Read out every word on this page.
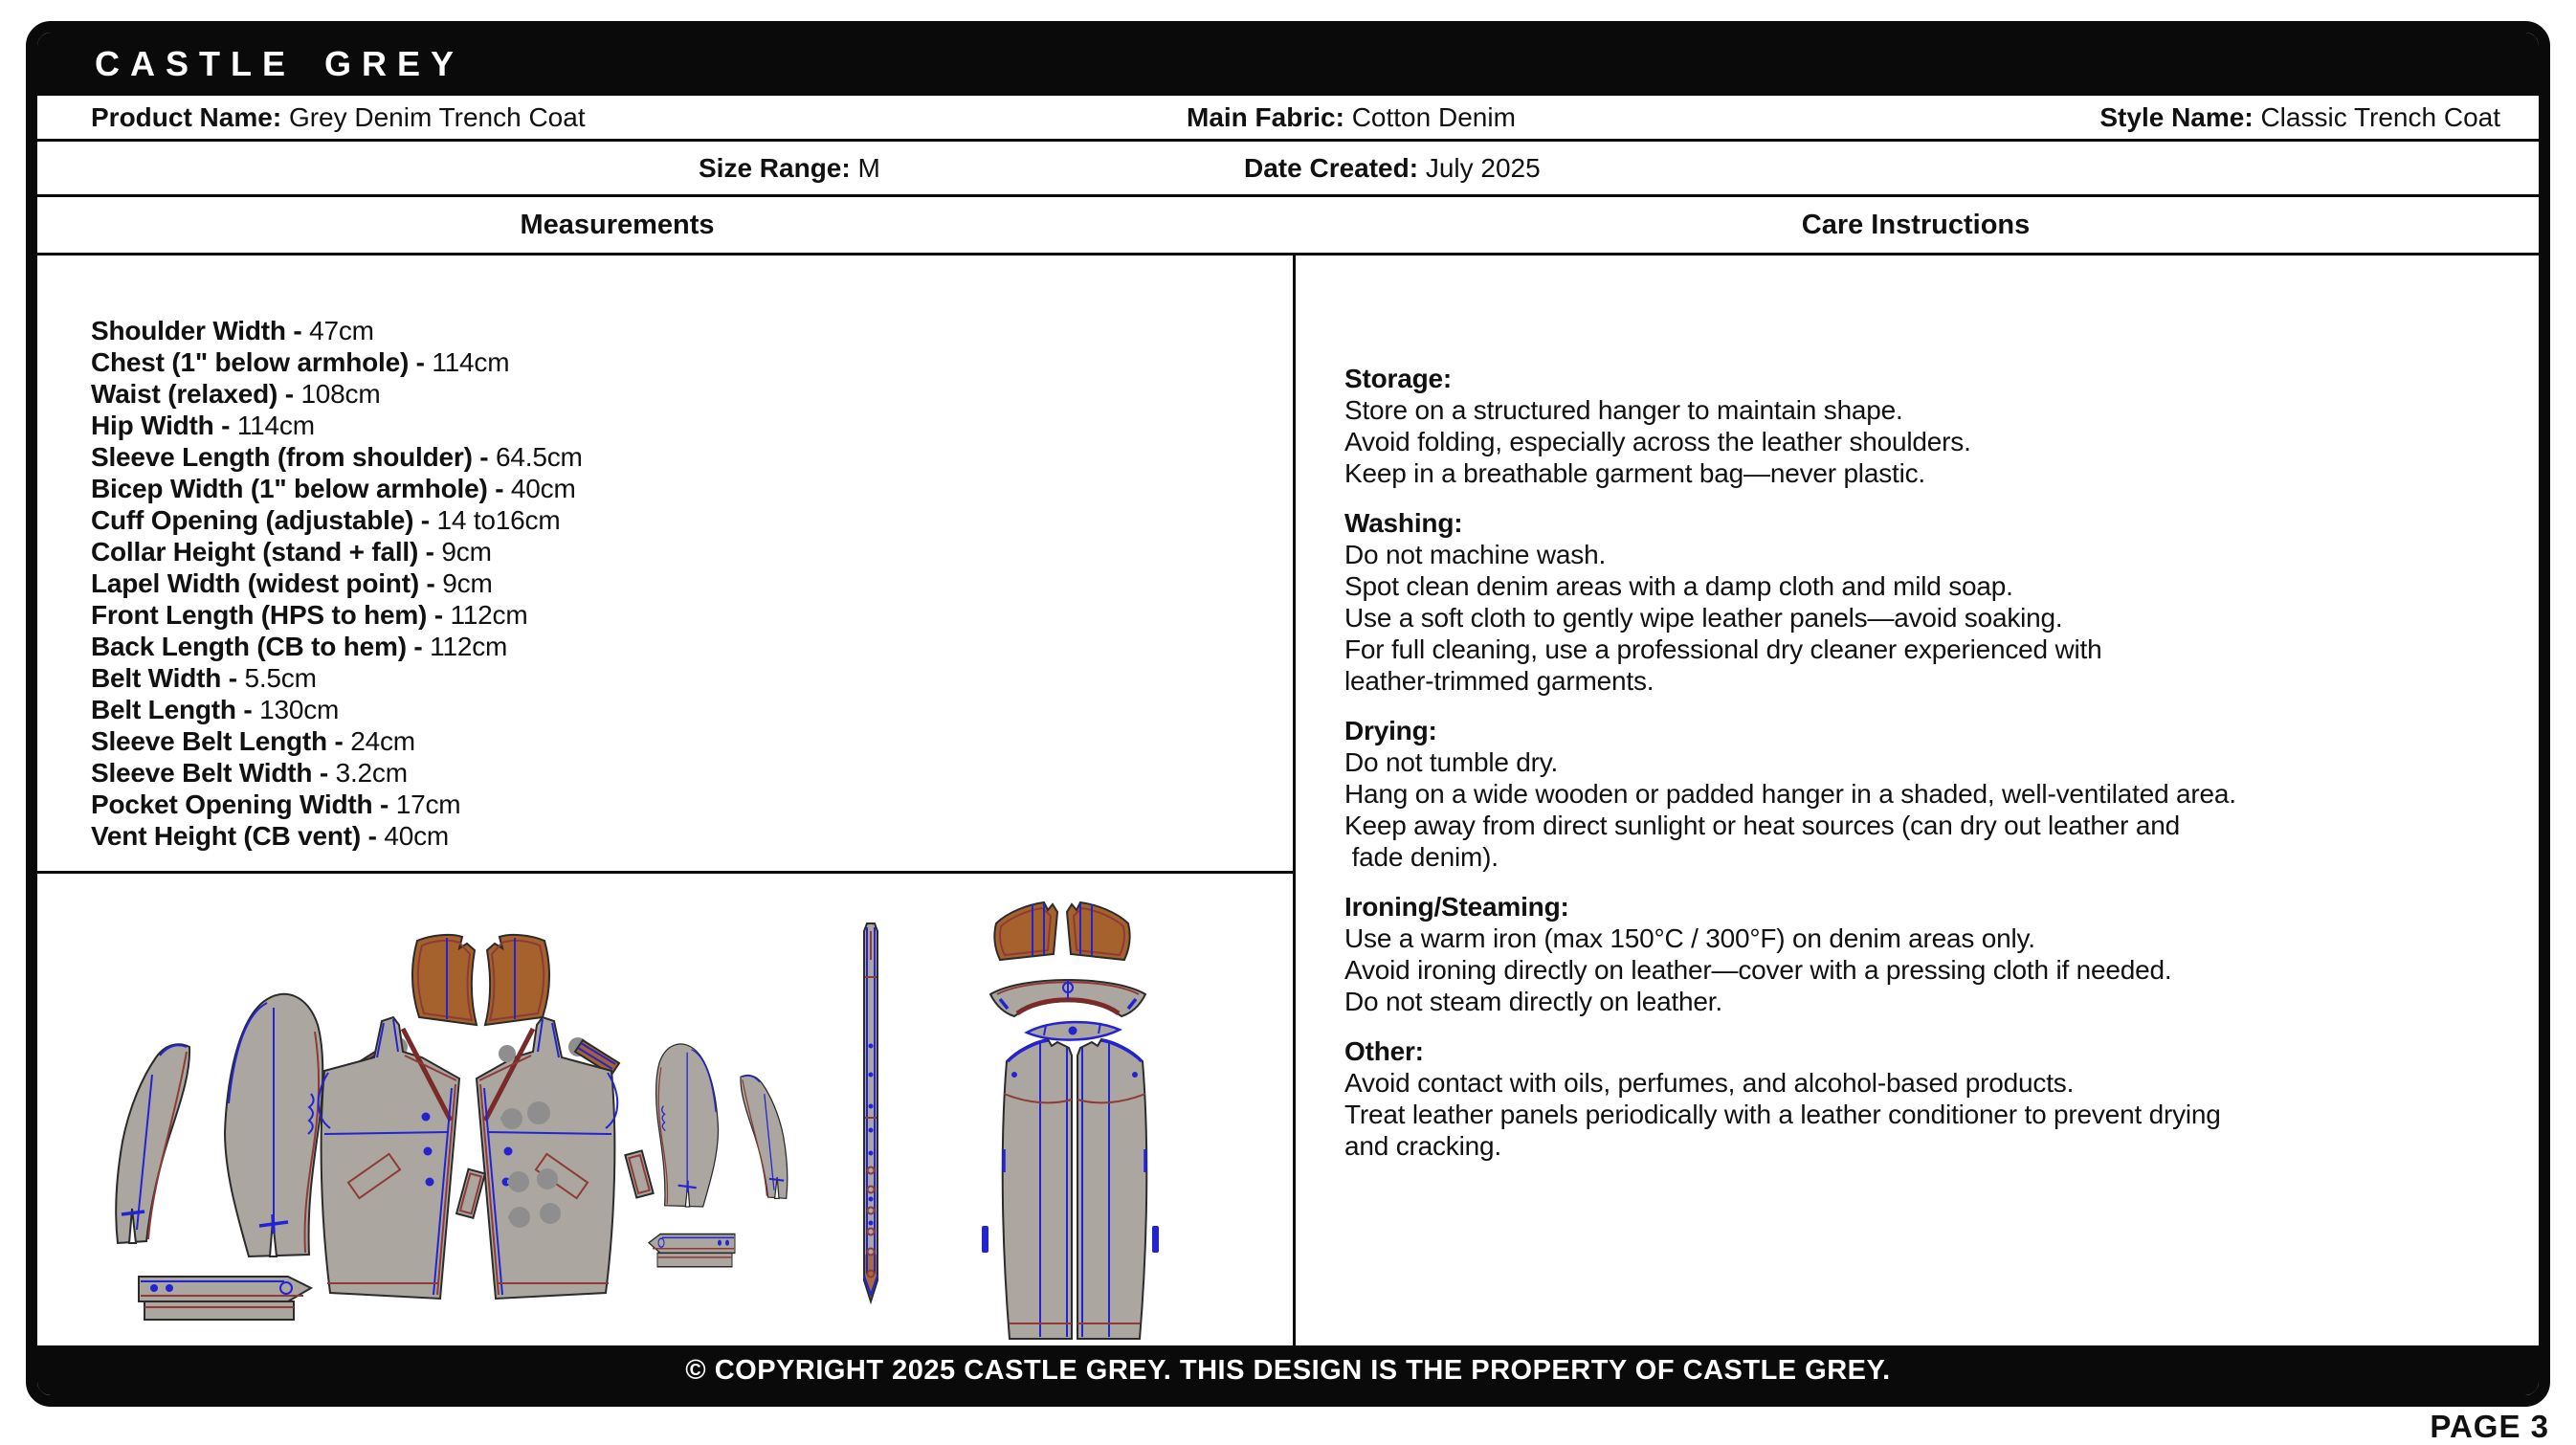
CASTLE GREY
Product Name: Grey Denim Trench Coat	Main Fabric: Cotton Denim	Style Name: Classic Trench Coat
Size Range: M	Date Created: July 2025
Measurements	Care Instructions
Shoulder Width - 47cm
Chest (1" below armhole) - 114cm
Waist (relaxed) - 108cm
Hip Width - 114cm
Sleeve Length (from shoulder) - 64.5cm
Bicep Width (1" below armhole) - 40cm
Cuff Opening (adjustable) - 14 to16cm
Collar Height (stand + fall) - 9cm
Lapel Width (widest point) - 9cm
Front Length (HPS to hem) - 112cm
Back Length (CB to hem) - 112cm
Belt Width - 5.5cm
Belt Length - 130cm
Sleeve Belt Length - 24cm
Sleeve Belt Width - 3.2cm
Pocket Opening Width - 17cm
Vent Height (CB vent) - 40cm
Storage:
Store on a structured hanger to maintain shape.
Avoid folding, especially across the leather shoulders.
Keep in a breathable garment bag—never plastic.
Washing:
Do not machine wash.
Spot clean denim areas with a damp cloth and mild soap.
Use a soft cloth to gently wipe leather panels—avoid soaking.
For full cleaning, use a professional dry cleaner experienced with
leather-trimmed garments.
Drying:
Do not tumble dry.
Hang on a wide wooden or padded hanger in a shaded, well-ventilated area.
Keep away from direct sunlight or heat sources (can dry out leather and
fade denim).
Ironing/Steaming:
Use a warm iron (max 150°C / 300°F) on denim areas only.
Avoid ironing directly on leather—cover with a pressing cloth if needed.
Do not steam directly on leather.
Other:
Avoid contact with oils, perfumes, and alcohol-based products.
Treat leather panels periodically with a leather conditioner to prevent drying
and cracking.
© COPYRIGHT 2025 CASTLE GREY. THIS DESIGN IS THE PROPERTY OF CASTLE GREY.
PAGE 3
